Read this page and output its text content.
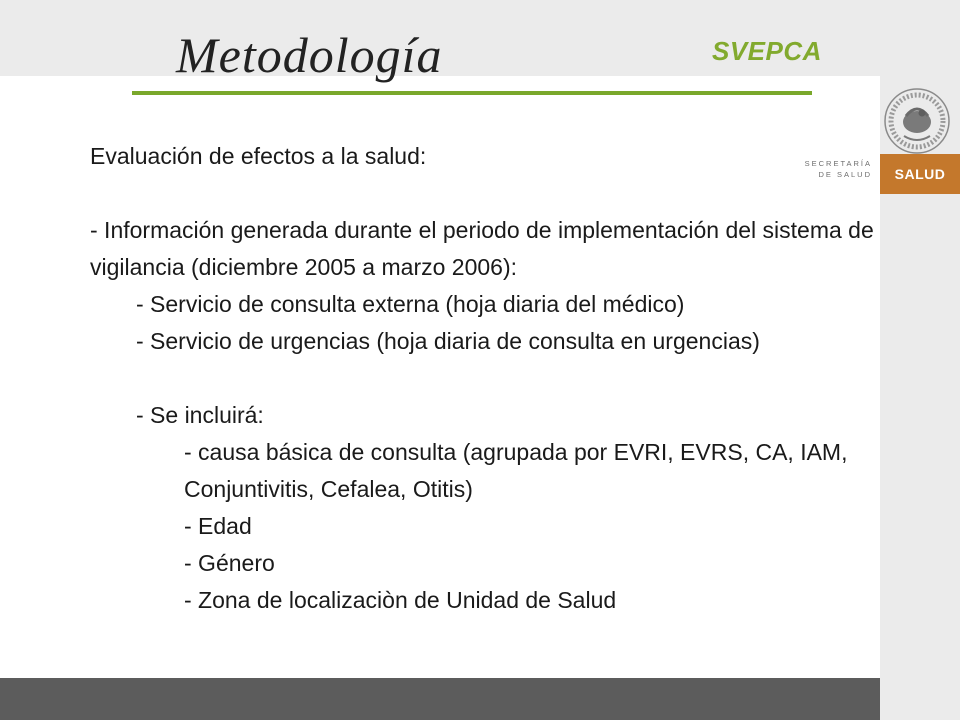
Metodología	SVEPCA
SECRETARÍA
DE SALUD	SALUD

Evaluación de efectos a la salud:

- Información generada durante el periodo de implementación del sistema de vigilancia (diciembre 2005 a marzo 2006):

- Servicio de consulta externa (hoja diaria del médico)

- Servicio de urgencias (hoja diaria de consulta en urgencias)

- Se incluirá:

- causa básica de consulta (agrupada por EVRI, EVRS, CA, IAM, Conjuntivitis, Cefalea, Otitis)

- Edad

- Género

- Zona de localizaciòn de Unidad de Salud
